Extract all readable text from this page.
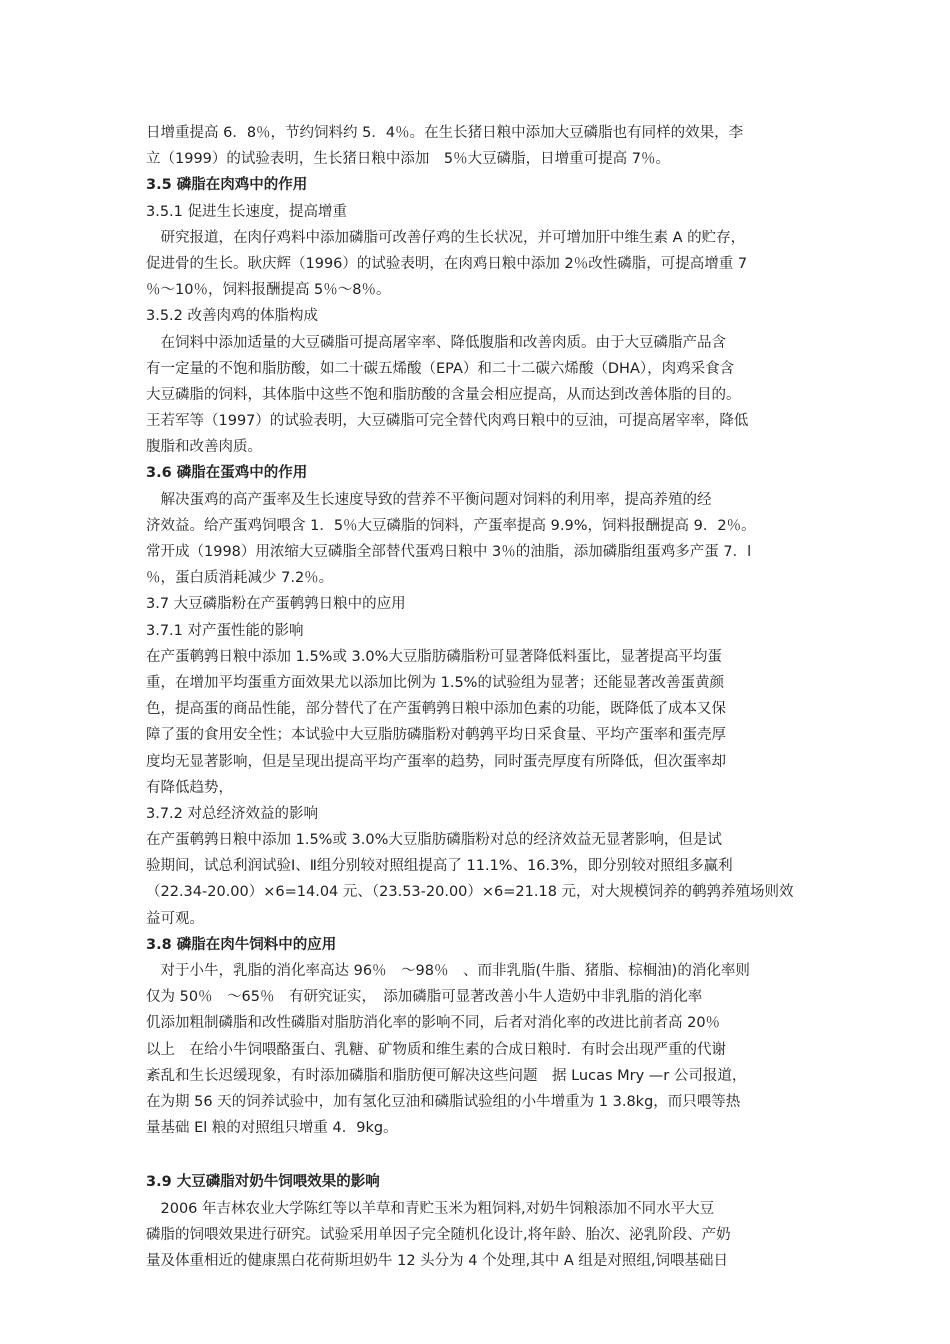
日增重提高 6．8％，节约饲料约 5．4％。在生长猪日粮中添加大豆磷脂也有同样的效果，李
立（1999）的试验表明，生长猪日粮中添加　5％大豆磷脂，日增重可提高 7％。
3.5 磷脂在肉鸡中的作用
3.5.1 促进生长速度，提高增重
　研究报道，在肉仔鸡料中添加磷脂可改善仔鸡的生长状况，并可增加肝中维生素 A 的贮存，
促进骨的生长。耿庆辉（1996）的试验表明，在肉鸡日粮中添加 2％改性磷脂，可提高增重 7
％～10％，饲料报酬提高 5％～8％。
3.5.2 改善肉鸡的体脂构成
　在饲料中添加适量的大豆磷脂可提高屠宰率、降低腹脂和改善肉质。由于大豆磷脂产品含
有一定量的不饱和脂肪酸，如二十碳五烯酸（EPA）和二十二碳六烯酸（DHA），肉鸡采食含
大豆磷脂的饲料，其体脂中这些不饱和脂肪酸的含量会相应提高，从而达到改善体脂的目的。
王若军等（1997）的试验表明，大豆磷脂可完全替代肉鸡日粮中的豆油，可提高屠宰率，降低
腹脂和改善肉质。
3.6 磷脂在蛋鸡中的作用
　解决蛋鸡的高产蛋率及生长速度导致的营养不平衡问题对饲料的利用率，提高养殖的经
济效益。给产蛋鸡饲喂含 1．5％大豆磷脂的饲料，产蛋率提高 9.9%，饲料报酬提高 9．2％。
常开成（1998）用浓缩大豆磷脂全部替代蛋鸡日粮中 3％的油脂，添加磷脂组蛋鸡多产蛋 7．l
％，蛋白质消耗减少 7.2％。
3.7 大豆磷脂粉在产蛋鹌鹑日粮中的应用
3.7.1 对产蛋性能的影响
在产蛋鹌鹑日粮中添加 1.5%或 3.0%大豆脂肪磷脂粉可显著降低料蛋比，显著提高平均蛋
重，在增加平均蛋重方面效果尤以添加比例为 1.5%的试验组为显著；还能显著改善蛋黄颜
色，提高蛋的商品性能，部分替代了在产蛋鹌鹑日粮中添加色素的功能，既降低了成本又保
障了蛋的食用安全性；本试验中大豆脂肪磷脂粉对鹌鹑平均日采食量、平均产蛋率和蛋壳厚
度均无显著影响，但是呈现出提高平均产蛋率的趋势，同时蛋壳厚度有所降低，但次蛋率却
有降低趋势，
3.7.2 对总经济效益的影响
在产蛋鹌鹑日粮中添加 1.5%或 3.0%大豆脂肪磷脂粉对总的经济效益无显著影响，但是试
验期间，试总利润试验Ⅰ、Ⅱ组分别较对照组提高了 11.1%、16.3%，即分别较对照组多赢利
（22.34-20.00）×6=14.04 元、（23.53-20.00）×6=21.18 元，对大规模饲养的鹌鹑养殖场则效
益可观。
3.8 磷脂在肉牛饲料中的应用
　对于小牛，乳脂的消化率高达 96％　～98％　、而非乳脂(牛脂、猪脂、棕榈油)的消化率则
仅为 50％　～65％　有研究证实，　添加磷脂可显著改善小牛人造奶中非乳脂的消化率
仉添加粗制磷脂和改性磷脂对脂肪消化率的影响不同，后者对消化率的改进比前者高 20％
以上　在给小牛饲喂酪蛋白、乳糖、矿物质和维生素的合成日粮时．有时会出现严重的代谢
紊乱和生长迟缓现象，有时添加磷脂和脂肪便可解决这些问题　据 Lucas Mry —r 公司报道，
在为期 56 天的饲养试验中，加有氢化豆油和磷脂试验组的小牛增重为 1 3.8kg，而只喂等热
量基础 El 粮的对照组只增重 4．9kg。
3.9 大豆磷脂对奶牛饲喂效果的影响
　2006 年吉林农业大学陈红等以羊草和青贮玉米为粗饲料,对奶牛饲粮添加不同水平大豆
磷脂的饲喂效果进行研究。试验采用单因子完全随机化设计,将年龄、胎次、泌乳阶段、产奶
量及体重相近的健康黑白花荷斯坦奶牛 12 头分为 4 个处理,其中 A 组是对照组,饲喂基础日
